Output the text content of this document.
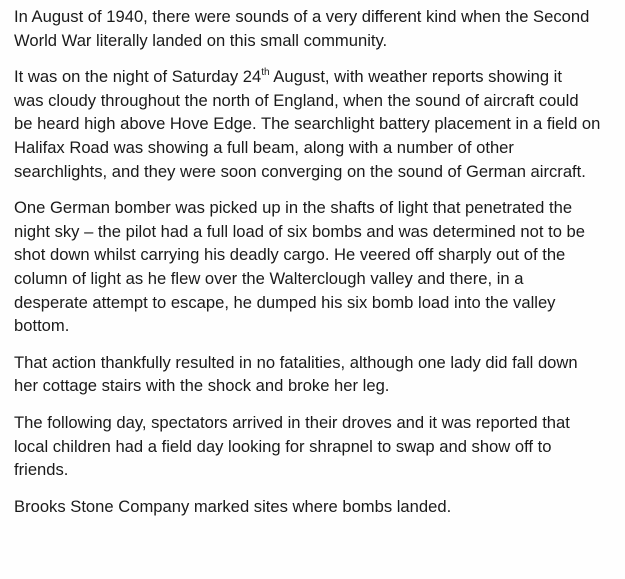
In August of 1940, there were sounds of a very different kind when the Second
World War literally landed on this small community.

It was on the night of Saturday 24th August, with weather reports showing it
was cloudy throughout the north of England, when the sound of aircraft could
be heard high above Hove Edge. The searchlight battery placement in a field on
Halifax Road was showing a full beam, along with a number of other
searchlights, and they were soon converging on the sound of German aircraft.

One German bomber was picked up in the shafts of light that penetrated the
night sky – the pilot had a full load of six bombs and was determined not to be
shot down whilst carrying his deadly cargo. He veered off sharply out of the
column of light as he flew over the Walterclough valley and there, in a
desperate attempt to escape, he dumped his six bomb load into the valley
bottom.

That action thankfully resulted in no fatalities, although one lady did fall down
her cottage stairs with the shock and broke her leg.

The following day, spectators arrived in their droves and it was reported that
local children had a field day looking for shrapnel to swap and show off to
friends.

Brooks Stone Company marked sites where bombs landed.
